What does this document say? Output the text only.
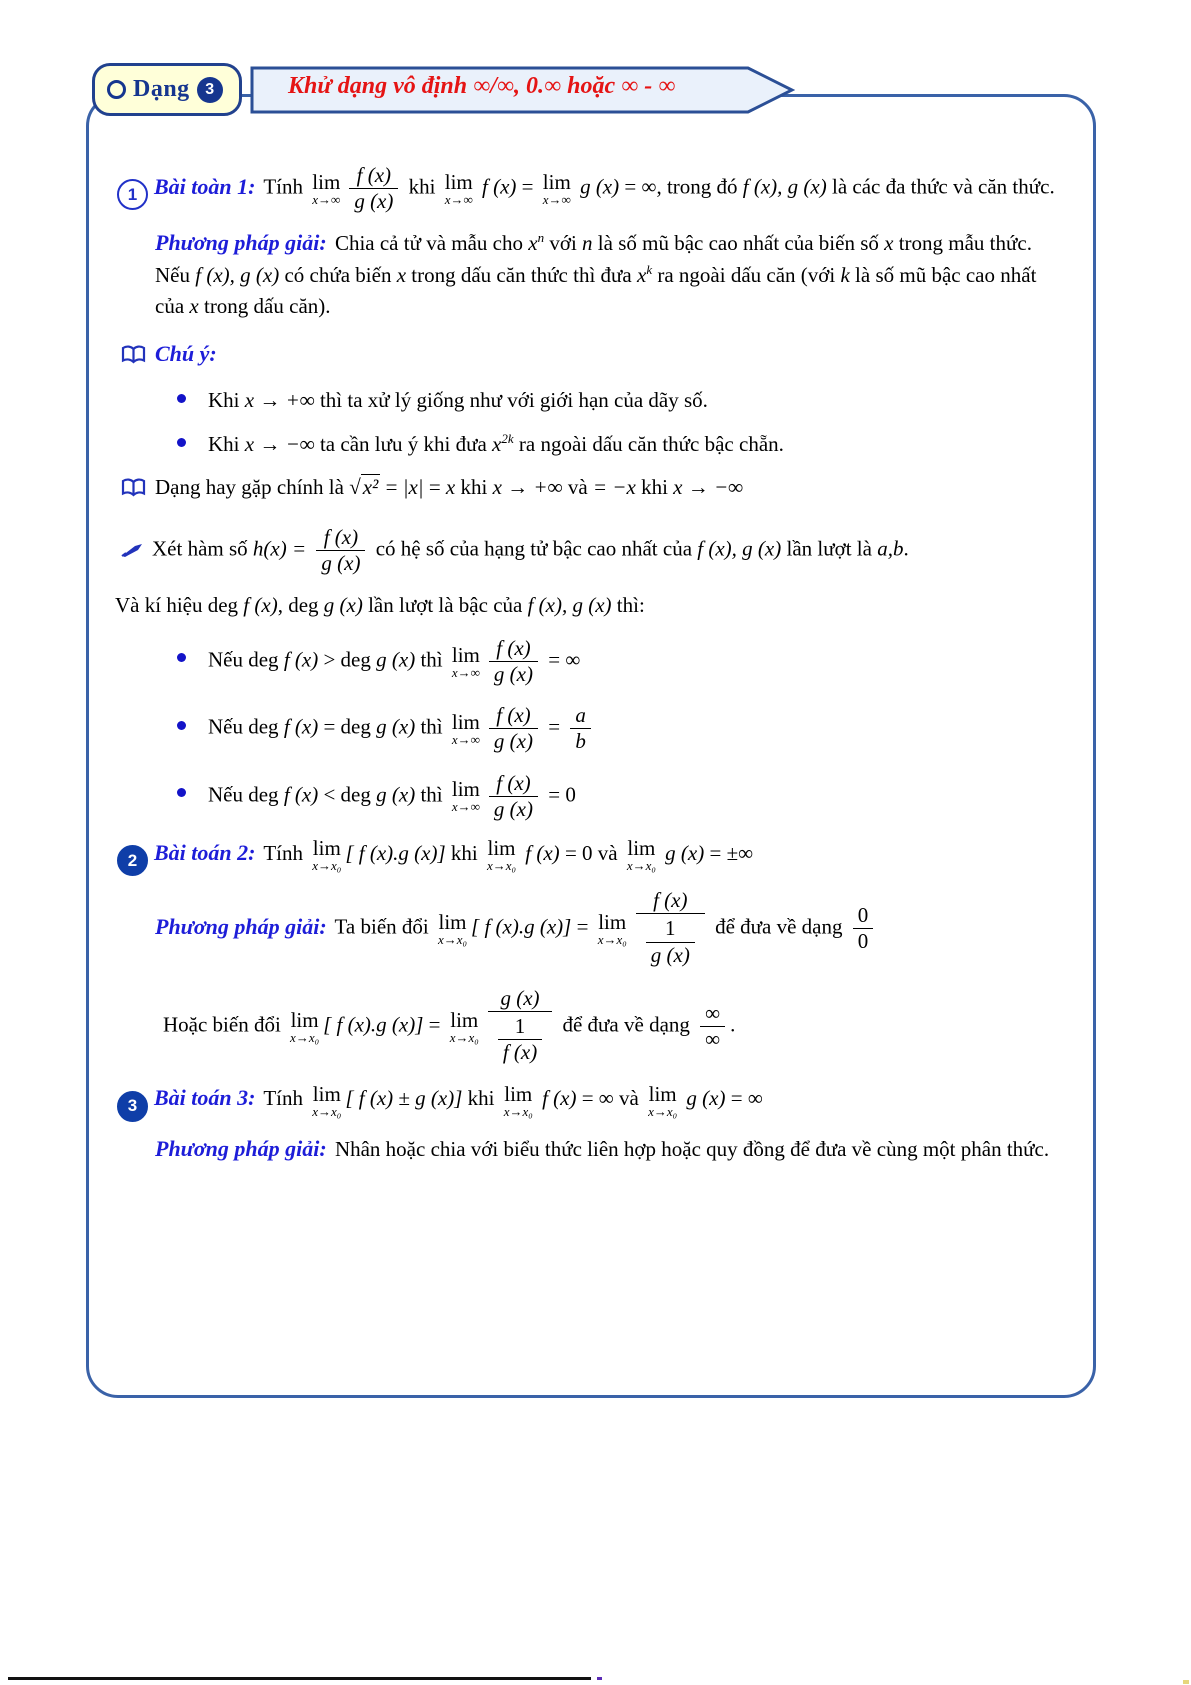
Dạng 3	Khử dạng vô định ∞/∞, 0.∞ hoặc ∞ - ∞
1 Bài toàn 1: Tính lim
$x\to\infty \frac{f (x)}{g (x)}$ khi lim
x→∞
f (x) = lim
x→∞
g (x) = ∞, trong đó f (x), g (x) là các đa thức và căn thức.
Phương pháp giải: Chia cả tử và mẫu cho $x^n$ với n là số mũ bậc cao nhất của biến số x trong mẫu thức. Nếu f (x), g (x) có chứa biến x trong dấu căn thức thì đưa $x^k$ ra ngoài dấu căn (với k là số mũ bậc cao nhất của x trong dấu căn).
Chú ý:
Khi x → +∞ thì ta xử lý giống như với giới hạn của dãy số.
Khi x → −∞ ta cần lưu ý khi đưa $x^{2k}$ ra ngoài dấu căn thức bậc chẵn.
Dạng hay gặp chính là √x² = |x| = x khi x → +∞ và = −x khi x → −∞
Xét hàm số $h(x) = \frac{f (x)}{g (x)}$ có hệ số của hạng tử bậc cao nhất của f (x), g (x) lần lượt là a,b.
Và kí hiệu deg f (x), deg g (x) lần lượt là bậc của f (x), g (x) thì:
Nếu deg f (x) > deg g (x) thì lim
$x\to\infty \frac{f (x)}{g (x)}$ = ∞
Nếu deg f (x) = deg g (x) thì lim
$x\to\infty \frac{f (x)}{g (x)} = \frac{a}{b}$
Nếu deg f (x) < deg g (x) thì lim
$x\to\infty \frac{f (x)}{g (x)} = 0$
2 Bài toán 2: Tính lim
x→x₀
[ f (x).g (x)] khi lim
x→x₀
f (x) = 0 và lim
x→x₀
g (x) = ±∞
Phương pháp giải: Ta biến đổi lim
x→x₀
[ f (x).g (x)] = lim
$x\to x_0 \frac{f (x)}{\frac{1}{g (x)}}$ để đưa về dạng $\frac{0}{0}$
Hoặc biến đổi lim
x→x₀
[ f (x).g (x)] = lim
$x\to x_0 \frac{g (x)}{\frac{1}{f (x)}}$ để đưa về dạng $\frac{\infty}{\infty}$ .
3 Bài toán 3: Tính lim
x→x₀
[ f (x) ± g (x)] khi lim
x→x₀
f (x) = ∞ và lim
x→x₀
g (x) = ∞
Phương pháp giải: Nhân hoặc chia với biểu thức liên hợp hoặc quy đồng để đưa về cùng một phân thức.
